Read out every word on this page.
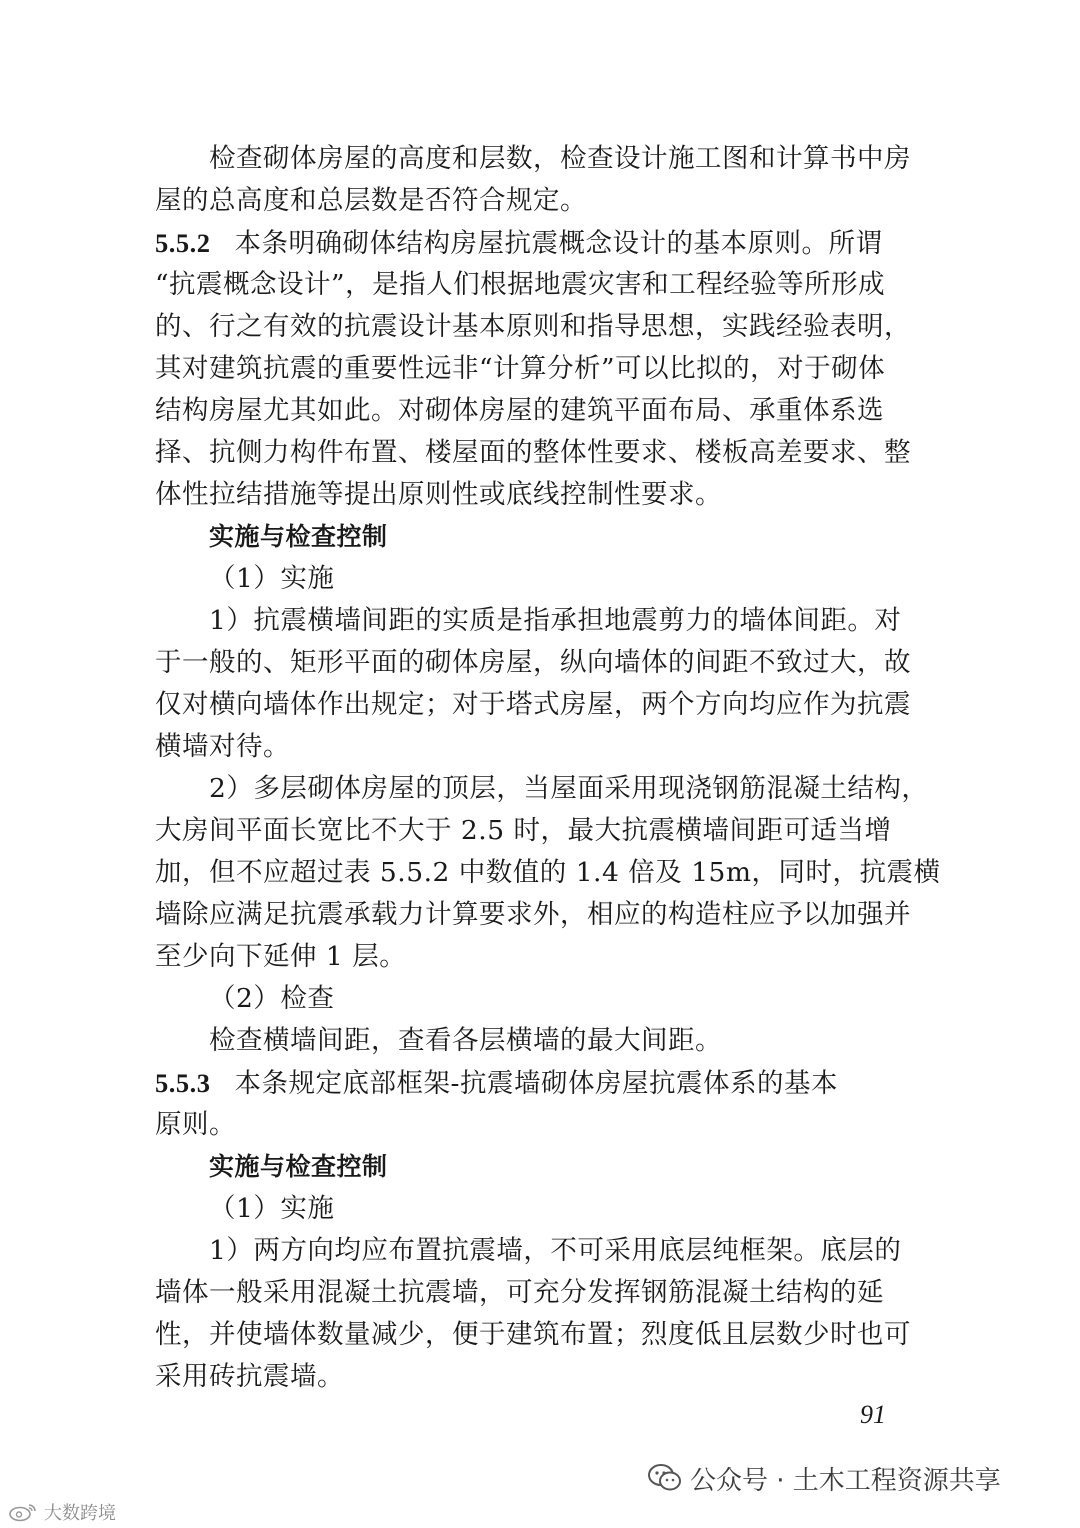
检查砌体房屋的高度和层数，检查设计施工图和计算书中房
屋的总高度和总层数是否符合规定。
5.5.2 本条明确砌体结构房屋抗震概念设计的基本原则。所谓
“抗震概念设计”，是指人们根据地震灾害和工程经验等所形成
的、行之有效的抗震设计基本原则和指导思想，实践经验表明，
其对建筑抗震的重要性远非“计算分析”可以比拟的，对于砌体
结构房屋尤其如此。对砌体房屋的建筑平面布局、承重体系选
择、抗侧力构件布置、楼屋面的整体性要求、楼板高差要求、整
体性拉结措施等提出原则性或底线控制性要求。
实施与检查控制
（1）实施
1）抗震横墙间距的实质是指承担地震剪力的墙体间距。对
于一般的、矩形平面的砌体房屋，纵向墙体的间距不致过大，故
仅对横向墙体作出规定；对于塔式房屋，两个方向均应作为抗震
横墙对待。
2）多层砌体房屋的顶层，当屋面采用现浇钢筋混凝土结构，
大房间平面长宽比不大于 2.5 时，最大抗震横墙间距可适当增
加，但不应超过表 5.5.2 中数值的 1.4 倍及 15m，同时，抗震横
墙除应满足抗震承载力计算要求外，相应的构造柱应予以加强并
至少向下延伸 1 层。
（2）检查
检查横墙间距，查看各层横墙的最大间距。
5.5.3 本条规定底部框架-抗震墙砌体房屋抗震体系的基本
原则。
实施与检查控制
（1）实施
1）两方向均应布置抗震墙，不可采用底层纯框架。底层的
墙体一般采用混凝土抗震墙，可充分发挥钢筋混凝土结构的延
性，并使墙体数量减少，便于建筑布置；烈度低且层数少时也可
采用砖抗震墙。
91
公众号 · 土木工程资源共享
大数跨境
